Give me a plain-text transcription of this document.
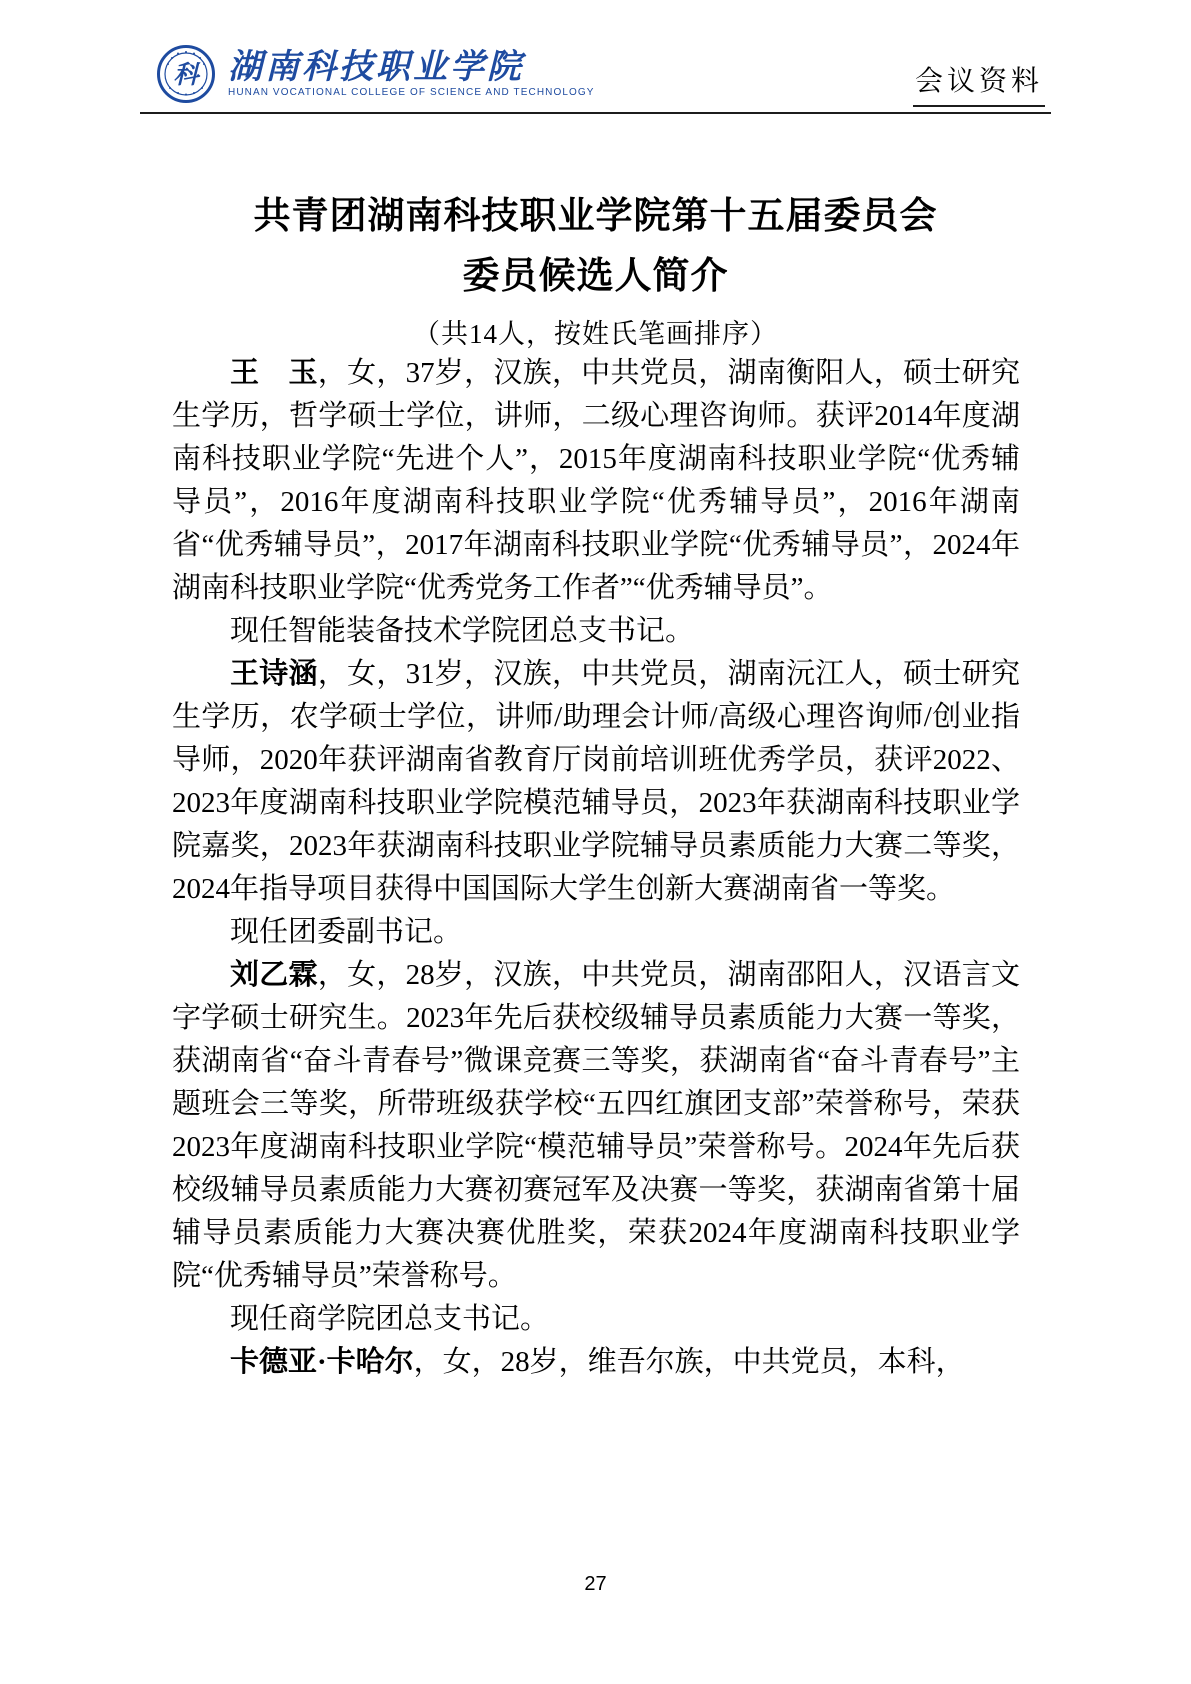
科 湖南科技职业学院
HUNAN VOCATIONAL COLLEGE OF SCIENCE AND TECHNOLOGY	会议资料
共青团湖南科技职业学院第十五届委员会
委员候选人简介
（共14人，按姓氏笔画排序）

王　玉，女，37岁，汉族，中共党员，湖南衡阳人，硕士研究生学历，哲学硕士学位，讲师，二级心理咨询师。获评2014年度湖南科技职业学院“先进个人”，2015年度湖南科技职业学院“优秀辅导员”，2016年度湖南科技职业学院“优秀辅导员”，2016年湖南省“优秀辅导员”，2017年湖南科技职业学院“优秀辅导员”，2024年湖南科技职业学院“优秀党务工作者”“优秀辅导员”。

现任智能装备技术学院团总支书记。

王诗涵，女，31岁，汉族，中共党员，湖南沅江人，硕士研究生学历，农学硕士学位，讲师/助理会计师/高级心理咨询师/创业指导师，2020年获评湖南省教育厅岗前培训班优秀学员，获评2022、2023年度湖南科技职业学院模范辅导员，2023年获湖南科技职业学院嘉奖，2023年获湖南科技职业学院辅导员素质能力大赛二等奖，2024年指导项目获得中国国际大学生创新大赛湖南省一等奖。

现任团委副书记。

刘乙霖，女，28岁，汉族，中共党员，湖南邵阳人，汉语言文字学硕士研究生。2023年先后获校级辅导员素质能力大赛一等奖，获湖南省“奋斗青春号”微课竞赛三等奖，获湖南省“奋斗青春号”主题班会三等奖，所带班级获学校“五四红旗团支部”荣誉称号，荣获2023年度湖南科技职业学院“模范辅导员”荣誉称号。2024年先后获校级辅导员素质能力大赛初赛冠军及决赛一等奖，获湖南省第十届辅导员素质能力大赛决赛优胜奖，荣获2024年度湖南科技职业学院“优秀辅导员”荣誉称号。

现任商学院团总支书记。

卡德亚·卡哈尔，女，28岁，维吾尔族，中共党员，本科，

27
